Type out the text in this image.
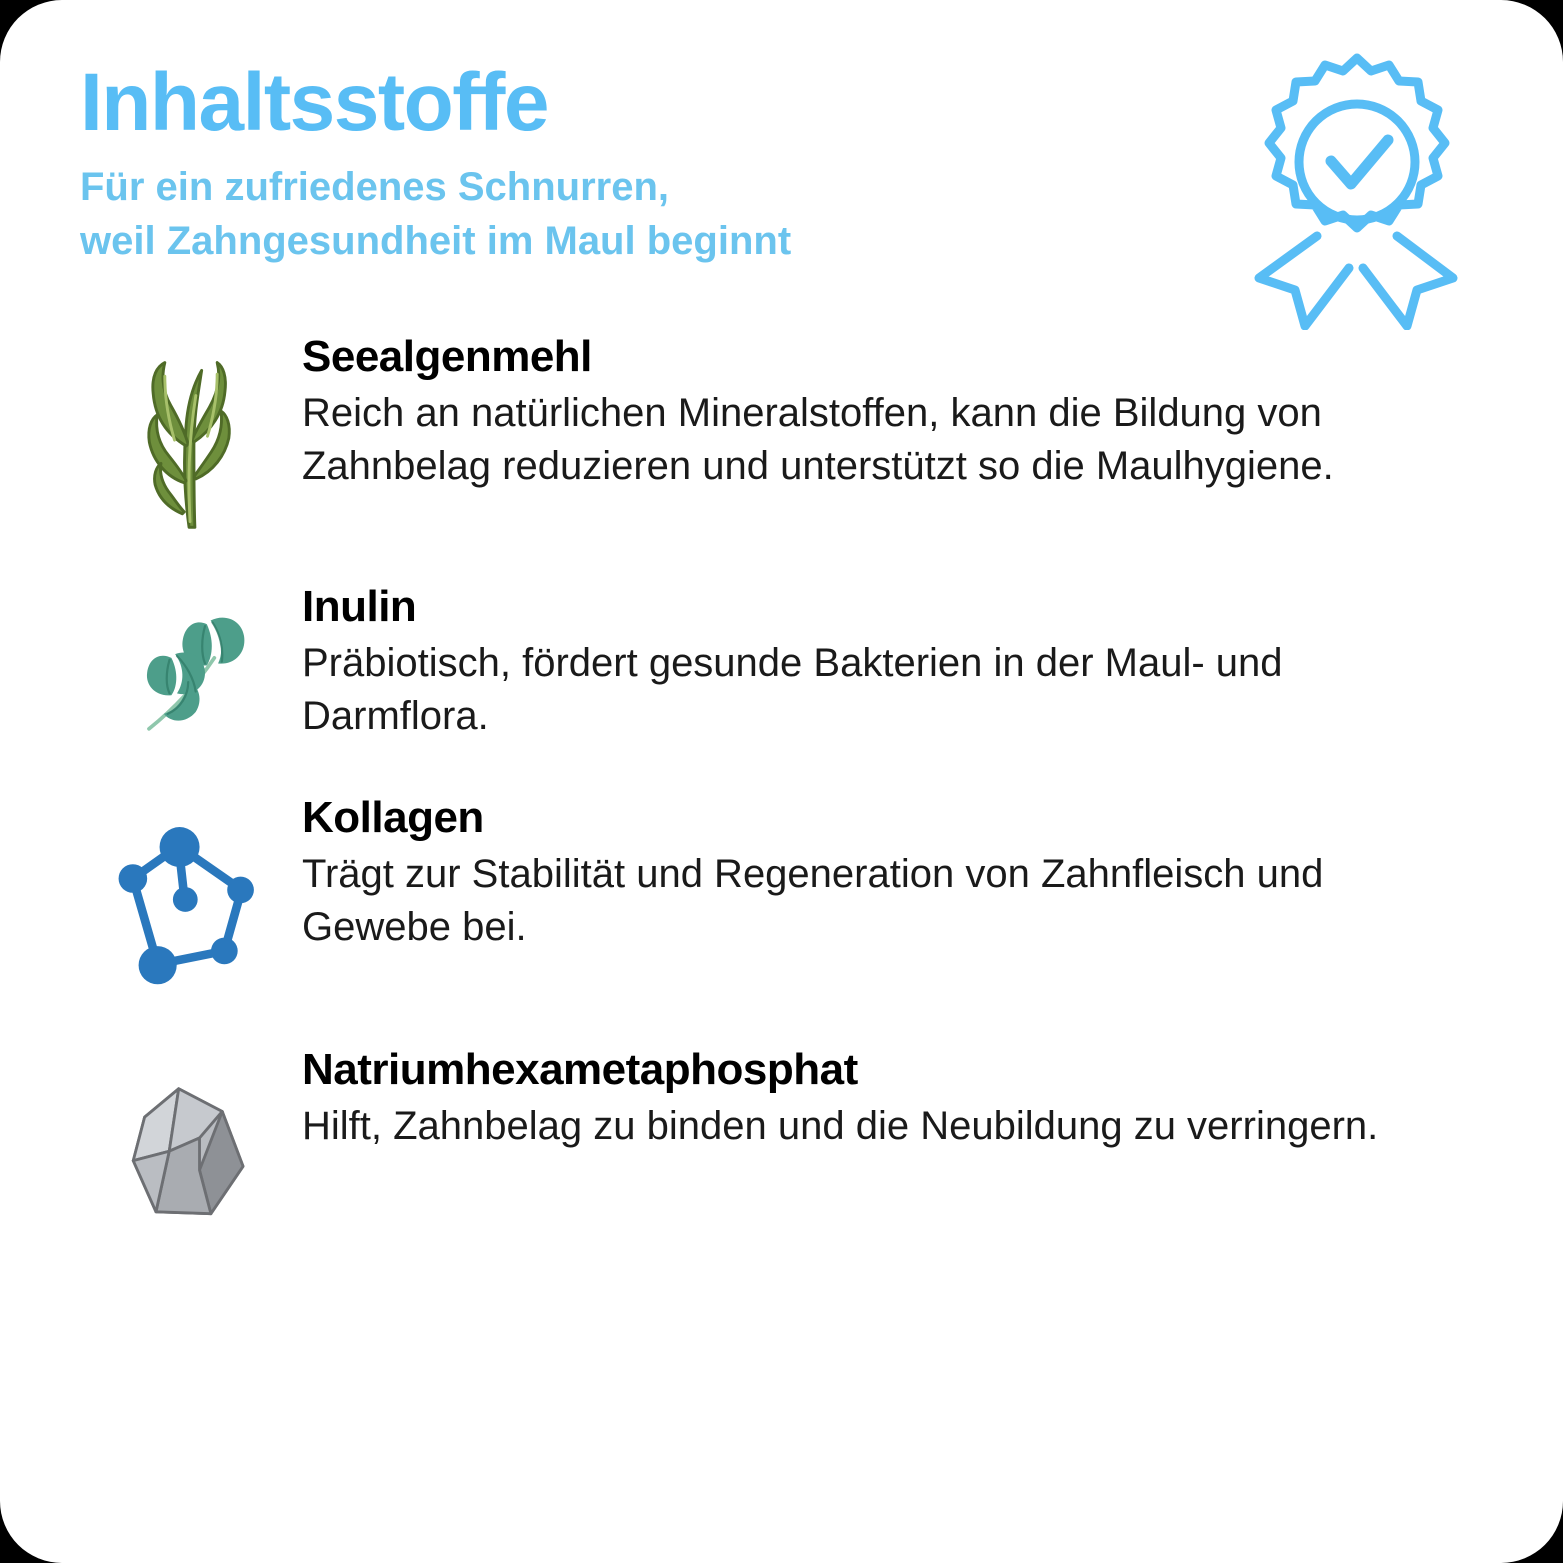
Inhaltsstoffe

Für ein zufriedenes Schnurren,
weil Zahngesundheit im Maul beginnt

Seealgenmehl

Reich an natürlichen Mineralstoffen, kann die Bildung von Zahnbelag reduzieren und unterstützt so die Maulhygiene.

Inulin

Präbiotisch, fördert gesunde Bakterien in der Maul- und Darmflora.

Kollagen

Trägt zur Stabilität und Regeneration von Zahnfleisch und Gewebe bei.

Natriumhexametaphosphat

Hilft, Zahnbelag zu binden und die Neubildung zu verringern.
